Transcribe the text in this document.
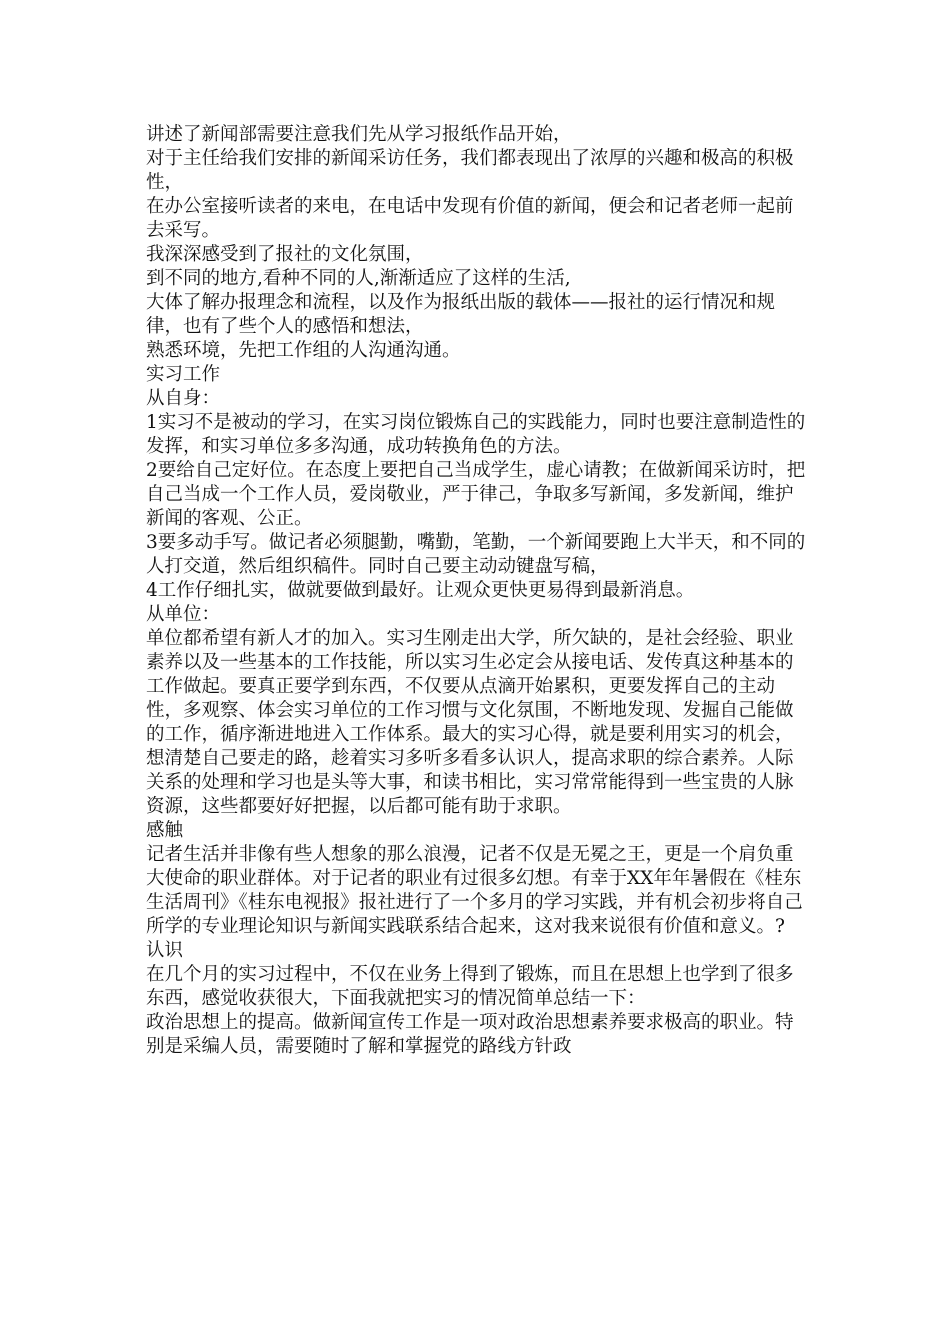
讲述了新闻部需要注意我们先从学习报纸作品开始，

对于主任给我们安排的新闻采访任务，我们都表现出了浓厚的兴趣和极高的积极性，

在办公室接听读者的来电，在电话中发现有价值的新闻，便会和记者老师一起前去采写。

我深深感受到了报社的文化氛围，

到不同的地方,看种不同的人,渐渐适应了这样的生活,

大体了解办报理念和流程，以及作为报纸出版的载体——报社的运行情况和规律，也有了些个人的感悟和想法，

熟悉环境，先把工作组的人沟通沟通。

实习工作

从自身：

1实习不是被动的学习，在实习岗位锻炼自己的实践能力，同时也要注意制造性的发挥，和实习单位多多沟通，成功转换角色的方法。

2要给自己定好位。在态度上要把自己当成学生，虚心请教；在做新闻采访时，把自己当成一个工作人员，爱岗敬业，严于律己，争取多写新闻，多发新闻，维护新闻的客观、公正。

3要多动手写。做记者必须腿勤，嘴勤，笔勤，一个新闻要跑上大半天，和不同的人打交道，然后组织稿件。同时自己要主动动键盘写稿，

4工作仔细扎实，做就要做到最好。让观众更快更易得到最新消息。

从单位：

单位都希望有新人才的加入。实习生刚走出大学，所欠缺的，是社会经验、职业素养以及一些基本的工作技能，所以实习生必定会从接电话、发传真这种基本的工作做起。要真正要学到东西，不仅要从点滴开始累积，更要发挥自己的主动性，多观察、体会实习单位的工作习惯与文化氛围，不断地发现、发掘自己能做的工作，循序渐进地进入工作体系。最大的实习心得，就是要利用实习的机会，想清楚自己要走的路，趁着实习多听多看多认识人，提高求职的综合素养。人际关系的处理和学习也是头等大事，和读书相比，实习常常能得到一些宝贵的人脉资源，这些都要好好把握，以后都可能有助于求职。

感触

记者生活并非像有些人想象的那么浪漫，记者不仅是无冕之王，更是一个肩负重大使命的职业群体。对于记者的职业有过很多幻想。有幸于XX年年暑假在《桂东生活周刊》《桂东电视报》报社进行了一个多月的学习实践，并有机会初步将自己所学的专业理论知识与新闻实践联系结合起来，这对我来说很有价值和意义。?

认识

在几个月的实习过程中，不仅在业务上得到了锻炼，而且在思想上也学到了很多东西，感觉收获很大，下面我就把实习的情况简单总结一下：

政治思想上的提高。做新闻宣传工作是一项对政治思想素养要求极高的职业。特别是采编人员，需要随时了解和掌握党的路线方针政
